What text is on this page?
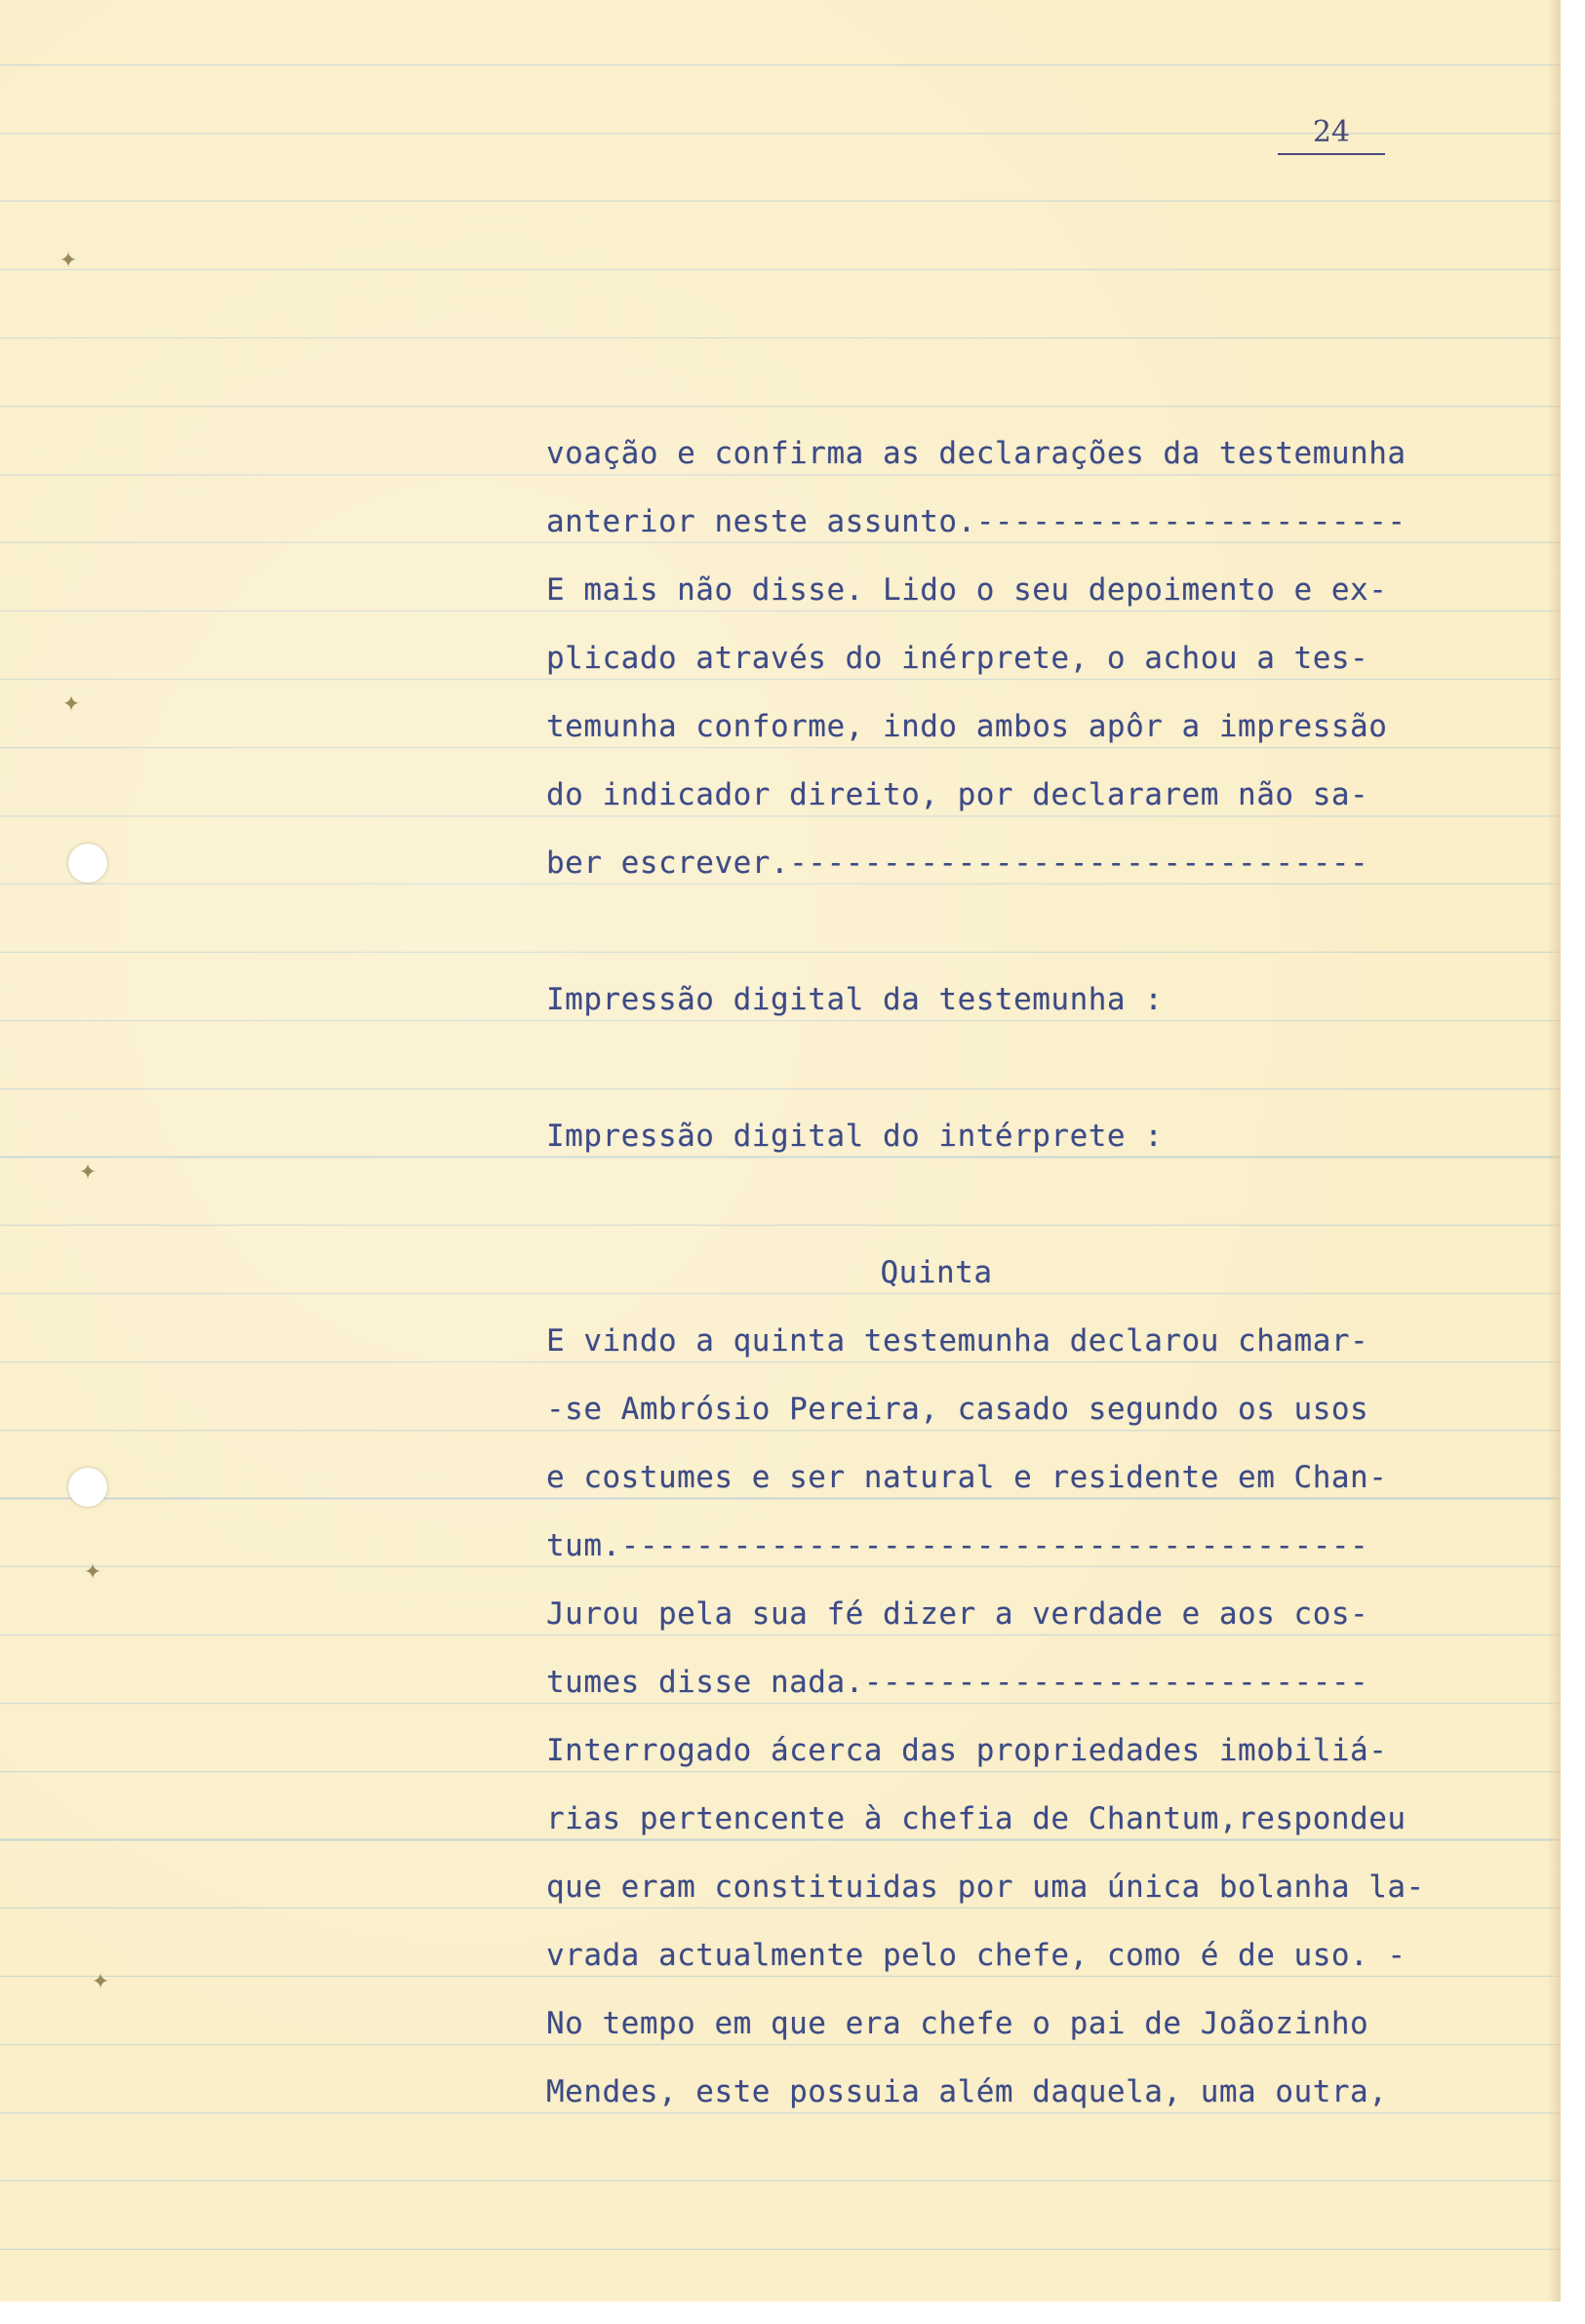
24
✦
✦
✦
✦
✦
voação e confirma as declarações da testemunha
anterior neste assunto.-----------------------
E mais não disse. Lido o seu depoimento e ex-
plicado através do inérprete, o achou a tes-
temunha conforme, indo ambos apôr a impressão
do indicador direito, por declararem não sa-
ber escrever.-------------------------------
Impressão digital da testemunha :
Impressão digital do intérprete :
Quinta
E vindo a quinta testemunha declarou chamar-
-se Ambrósio Pereira, casado segundo os usos
e costumes e ser natural e residente em Chan-
tum.----------------------------------------
Jurou pela sua fé dizer a verdade e aos cos-
tumes disse nada.---------------------------
Interrogado ácerca das propriedades imobiliá-
rias pertencente à chefia de Chantum,respondeu
que eram constituidas por uma única bolanha la-
vrada actualmente pelo chefe, como é de uso. -
No tempo em que era chefe o pai de Joãozinho
Mendes, este possuia além daquela, uma outra,
